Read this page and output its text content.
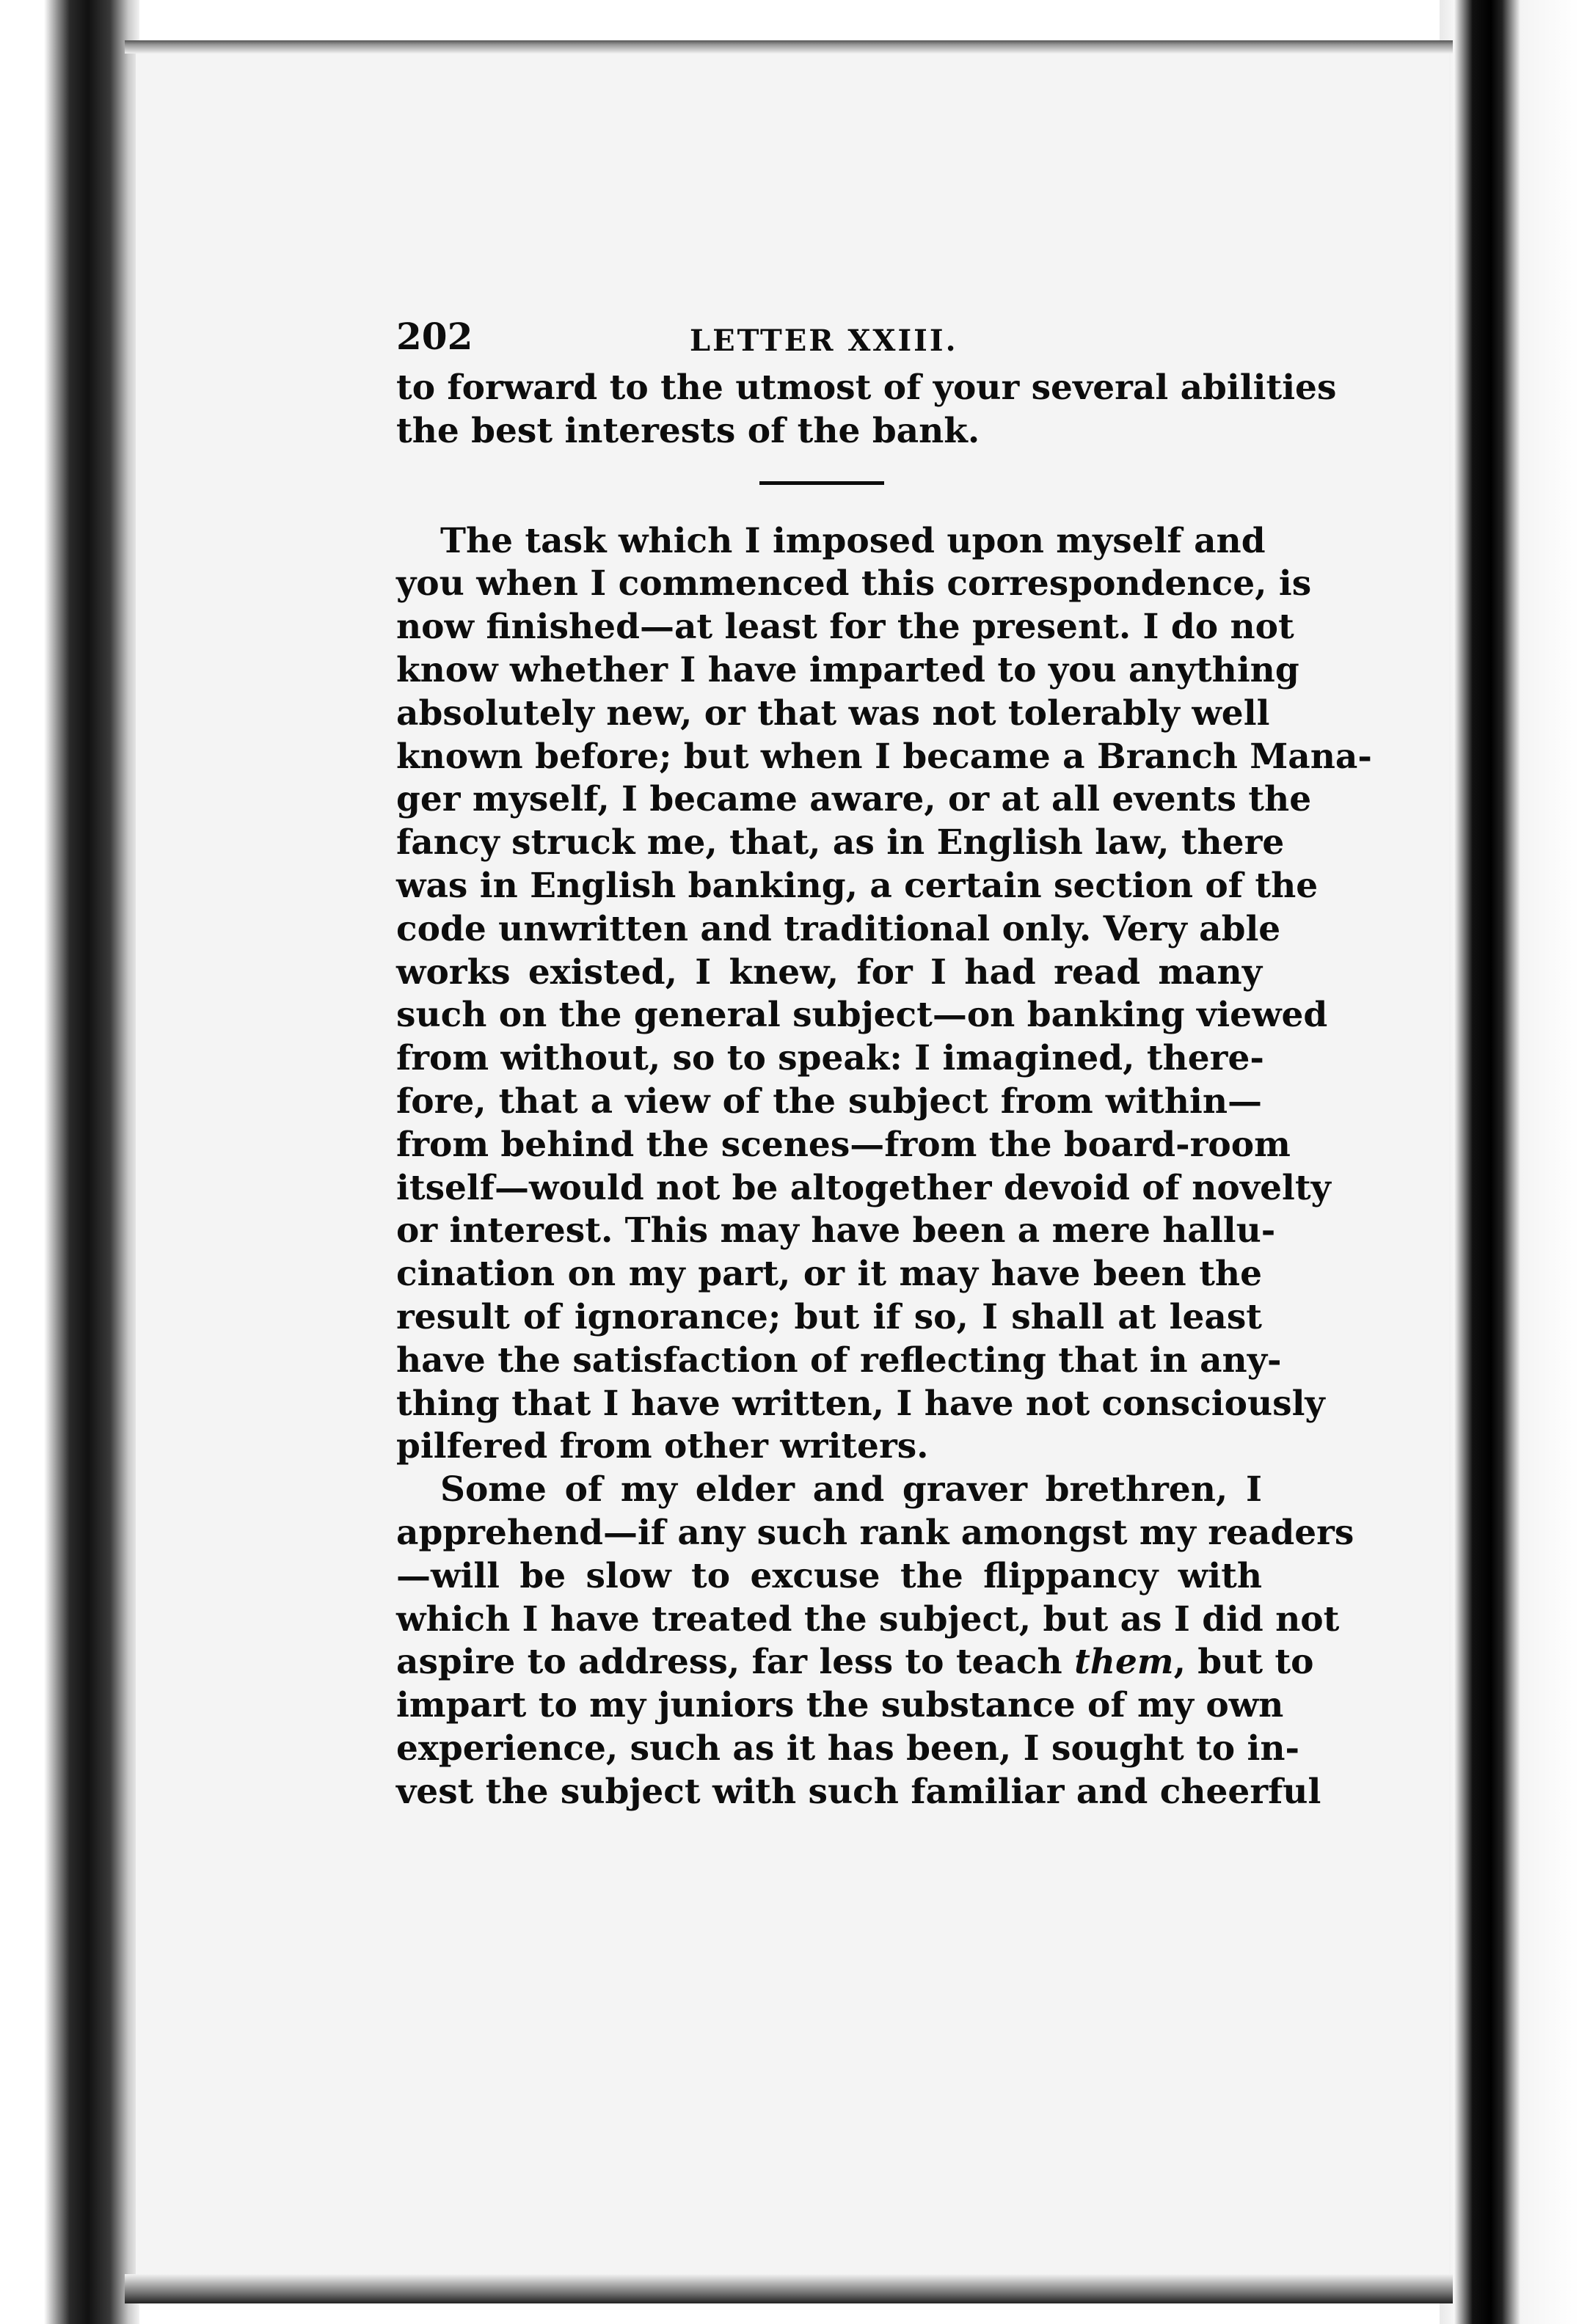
202	LETTER XXIII.
to forward to the utmost of your several abilities
the best interests of the bank.
The task which I imposed upon myself and
you when I commenced this correspondence, is
now finished—at least for the present. I do not
know whether I have imparted to you anything
absolutely new, or that was not tolerably well
known before; but when I became a Branch Mana-
ger myself, I became aware, or at all events the
fancy struck me, that, as in English law, there
was in English banking, a certain section of the
code unwritten and traditional only. Very able
works existed, I knew, for I had read many
such on the general subject—on banking viewed
from without, so to speak: I imagined, there-
fore, that a view of the subject from within—
from behind the scenes—from the board-room
itself—would not be altogether devoid of novelty
or interest. This may have been a mere hallu-
cination on my part, or it may have been the
result of ignorance; but if so, I shall at least
have the satisfaction of reflecting that in any-
thing that I have written, I have not consciously
pilfered from other writers.
Some of my elder and graver brethren, I
apprehend—if any such rank amongst my readers
—will be slow to excuse the flippancy with
which I have treated the subject, but as I did not
aspire to address, far less to teach them, but to
impart to my juniors the substance of my own
experience, such as it has been, I sought to in-
vest the subject with such familiar and cheerful
